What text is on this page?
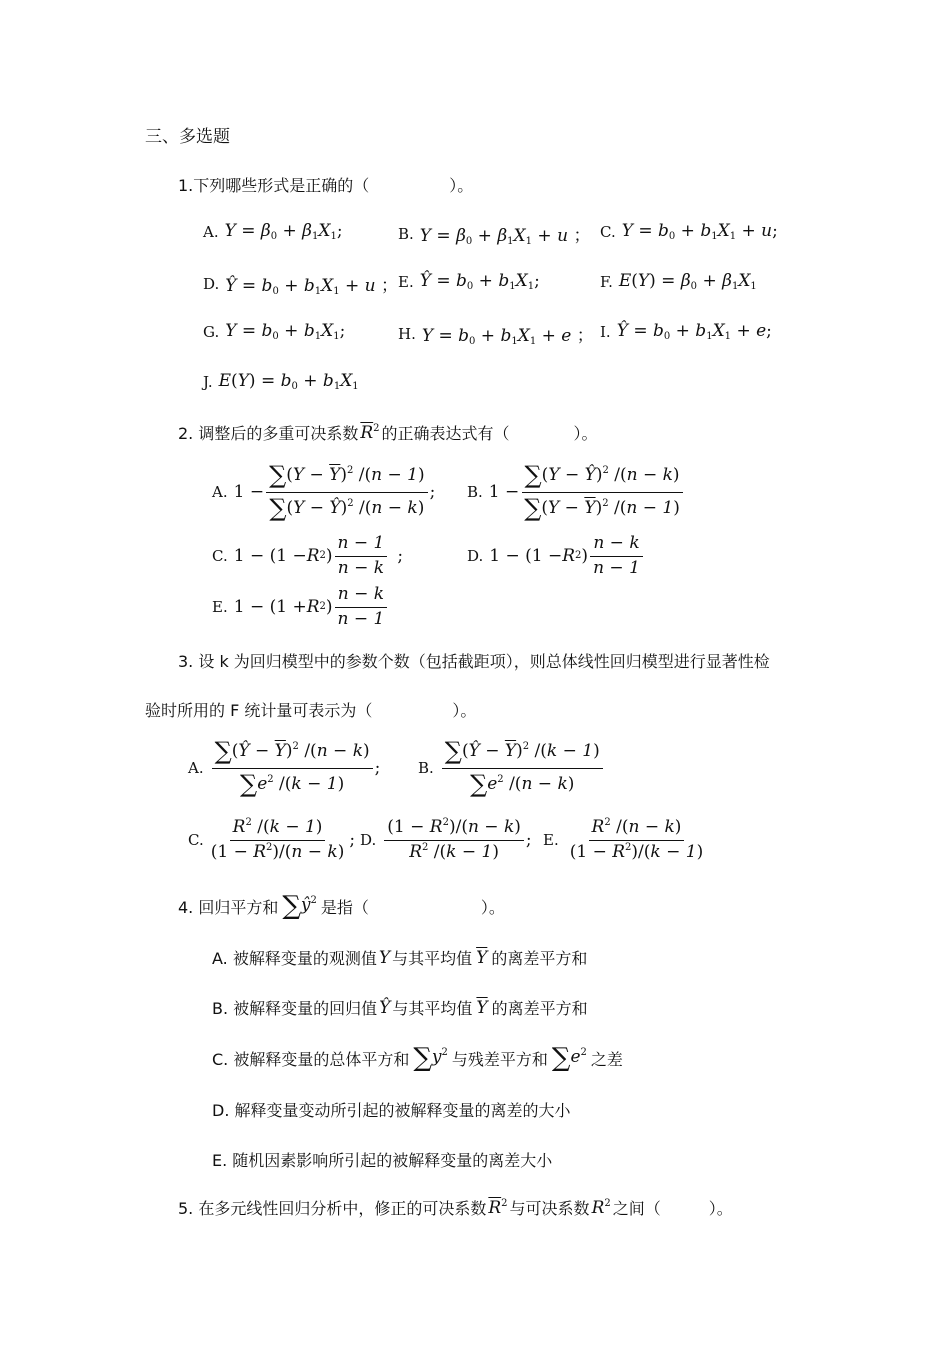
三、多选题
1.下列哪些形式是正确的（　　　　　）。
A. $Y = \beta_0 + \beta_1X_1$;	B. $Y = \beta_0 + \beta_1X_1 + u$ ； C. $Y = b_0 + b_1X_1 + u$;
D. Ŷ = $b_0 + b_1X_1 + u$ ； E. Ŷ = $b_0 + b_1X_1$;	F. $E(Y) = \beta_0 + \beta_1X_1$
G. $Y = b_0 + b_1X_1$;	H. $Y = b_0 + b_1X_1 + e$ ； I. Ŷ = $b_0 + b_1X_1 + e$;
J. $E(Y) = b_0 + b_1X_1$
2. 调整后的多重可决系数 $\overline{R}^2$ 的正确表达式有（　　　　）。
A. $1 - \frac{\sum(Y - \overline{Y})^2 /(n - 1)}{\sum(Y - Ŷ)^2 /(n - k)}$ ; B. $1 - \frac{\sum(Y - Ŷ)^2 /(n - k)}{\sum(Y - \overline{Y})^2 /(n - 1)}$
C. 1 − (1 − R 2 ) $\frac{n - 1}{n - k}$ ;	D. 1 − (1 − R 2 ) $\frac{n - k}{n - 1}$
E. 1 − (1 + R 2 ) $\frac{n - k}{n - 1}$
3. 设 k 为回归模型中的参数个数（包括截距项），则总体线性回归模型进行显著性检
验时所用的 F 统计量可表示为（　　　　　）。
A. $\frac{\sum(Ŷ - \overline{Y})^2 /(n - k)}{\sum e^2 /(k - 1)}$ ;	B. $\frac{\sum(Ŷ - \overline{Y})^2 /(k - 1)}{\sum e^2 /(n - k)}$
C. $\frac{R^2 /(k - 1)}{(1 - R^2)/(n - k)}$ ; D. $\frac{(1 - R^2)/(n - k)}{R^2 /(k - 1)}$ ; E. $\frac{R^2 /(n - k)}{(1 - R^2)/(k - 1)}$
4. 回归平方和 $\sum ŷ^2$ 是指（　　　　　　　）。
A. 被解释变量的观测值 Y 与其平均值 $\overline{Y}$ 的离差平方和
B. 被解释变量的回归值 Ŷ 与其平均值 $\overline{Y}$ 的离差平方和
C. 被解释变量的总体平方和 $\sum y^2$ 与残差平方和 $\sum e^2$ 之差
D. 解释变量变动所引起的被解释变量的离差的大小
E. 随机因素影响所引起的被解释变量的离差大小
5. 在多元线性回归分析中，修正的可决系数 $\overline{R}^2$ 与可决系数 $R^2$ 之间（　　　）。
